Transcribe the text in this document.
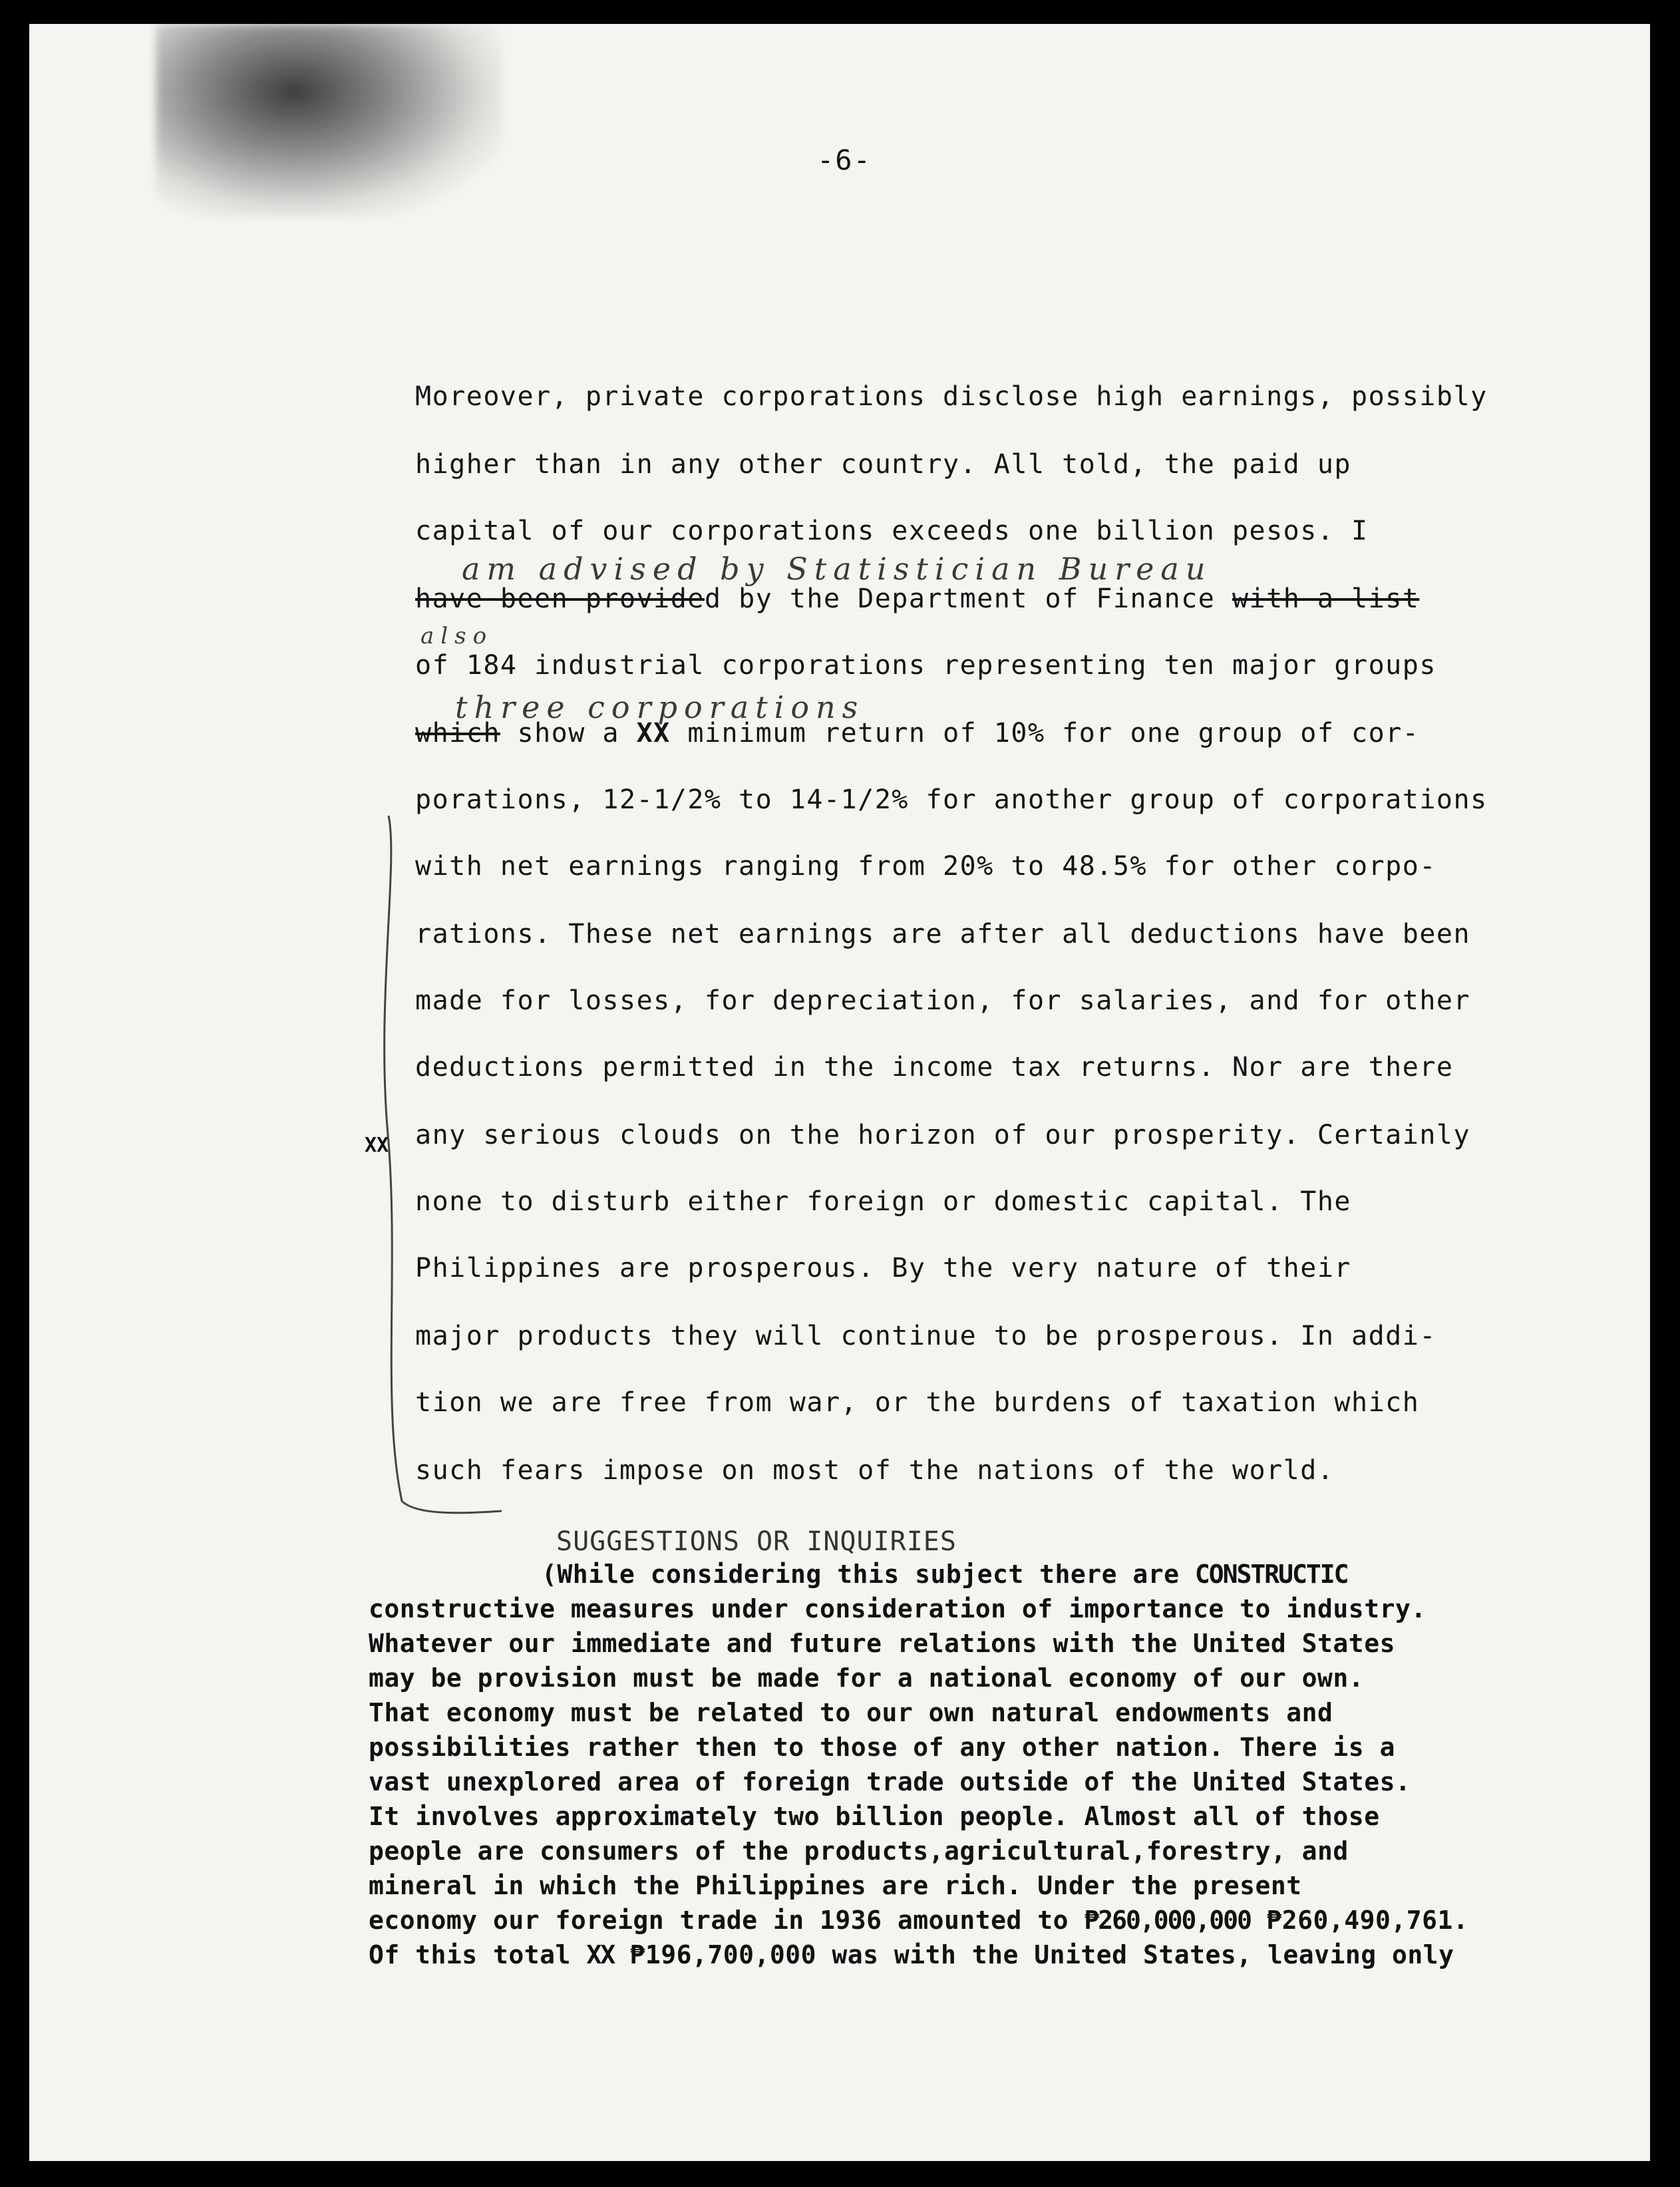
-6-
am advised by Statistician Bureau
also
three corporations
XX
Moreover, private corporations disclose high earnings, possibly
higher than in any other country. All told, the paid up
capital of our corporations exceeds one billion pesos. I
have been provided by the Department of Finance with a list
of 184 industrial corporations representing ten major groups
which show a XX minimum return of 10% for one group of cor-
porations, 12-1/2% to 14-1/2% for another group of corporations
with net earnings ranging from 20% to 48.5% for other corpo-
rations. These net earnings are after all deductions have been
made for losses, for depreciation, for salaries, and for other
deductions permitted in the income tax returns. Nor are there
any serious clouds on the horizon of our prosperity. Certainly
none to disturb either foreign or domestic capital. The
Philippines are prosperous. By the very nature of their
major products they will continue to be prosperous. In addi-
tion we are free from war, or the burdens of taxation which
such fears impose on most of the nations of the world.
SUGGESTIONS OR INQUIRIES
(While considering this subject there are CONSTRUCTIC
constructive measures under consideration of importance to industry.
Whatever our immediate and future relations with the United States
may be provision must be made for a national economy of our own.
That economy must be related to our own natural endowments and
possibilities rather then to those of any other nation. There is a
vast unexplored area of foreign trade outside of the United States.
It involves approximately two billion people. Almost all of those
people are consumers of the products,agricultural,forestry, and
mineral in which the Philippines are rich. Under the present
economy our foreign trade in 1936 amounted to ₱260,000,000 ₱260,490,761.
Of this total XX ₱196,700,000 was with the United States, leaving only
